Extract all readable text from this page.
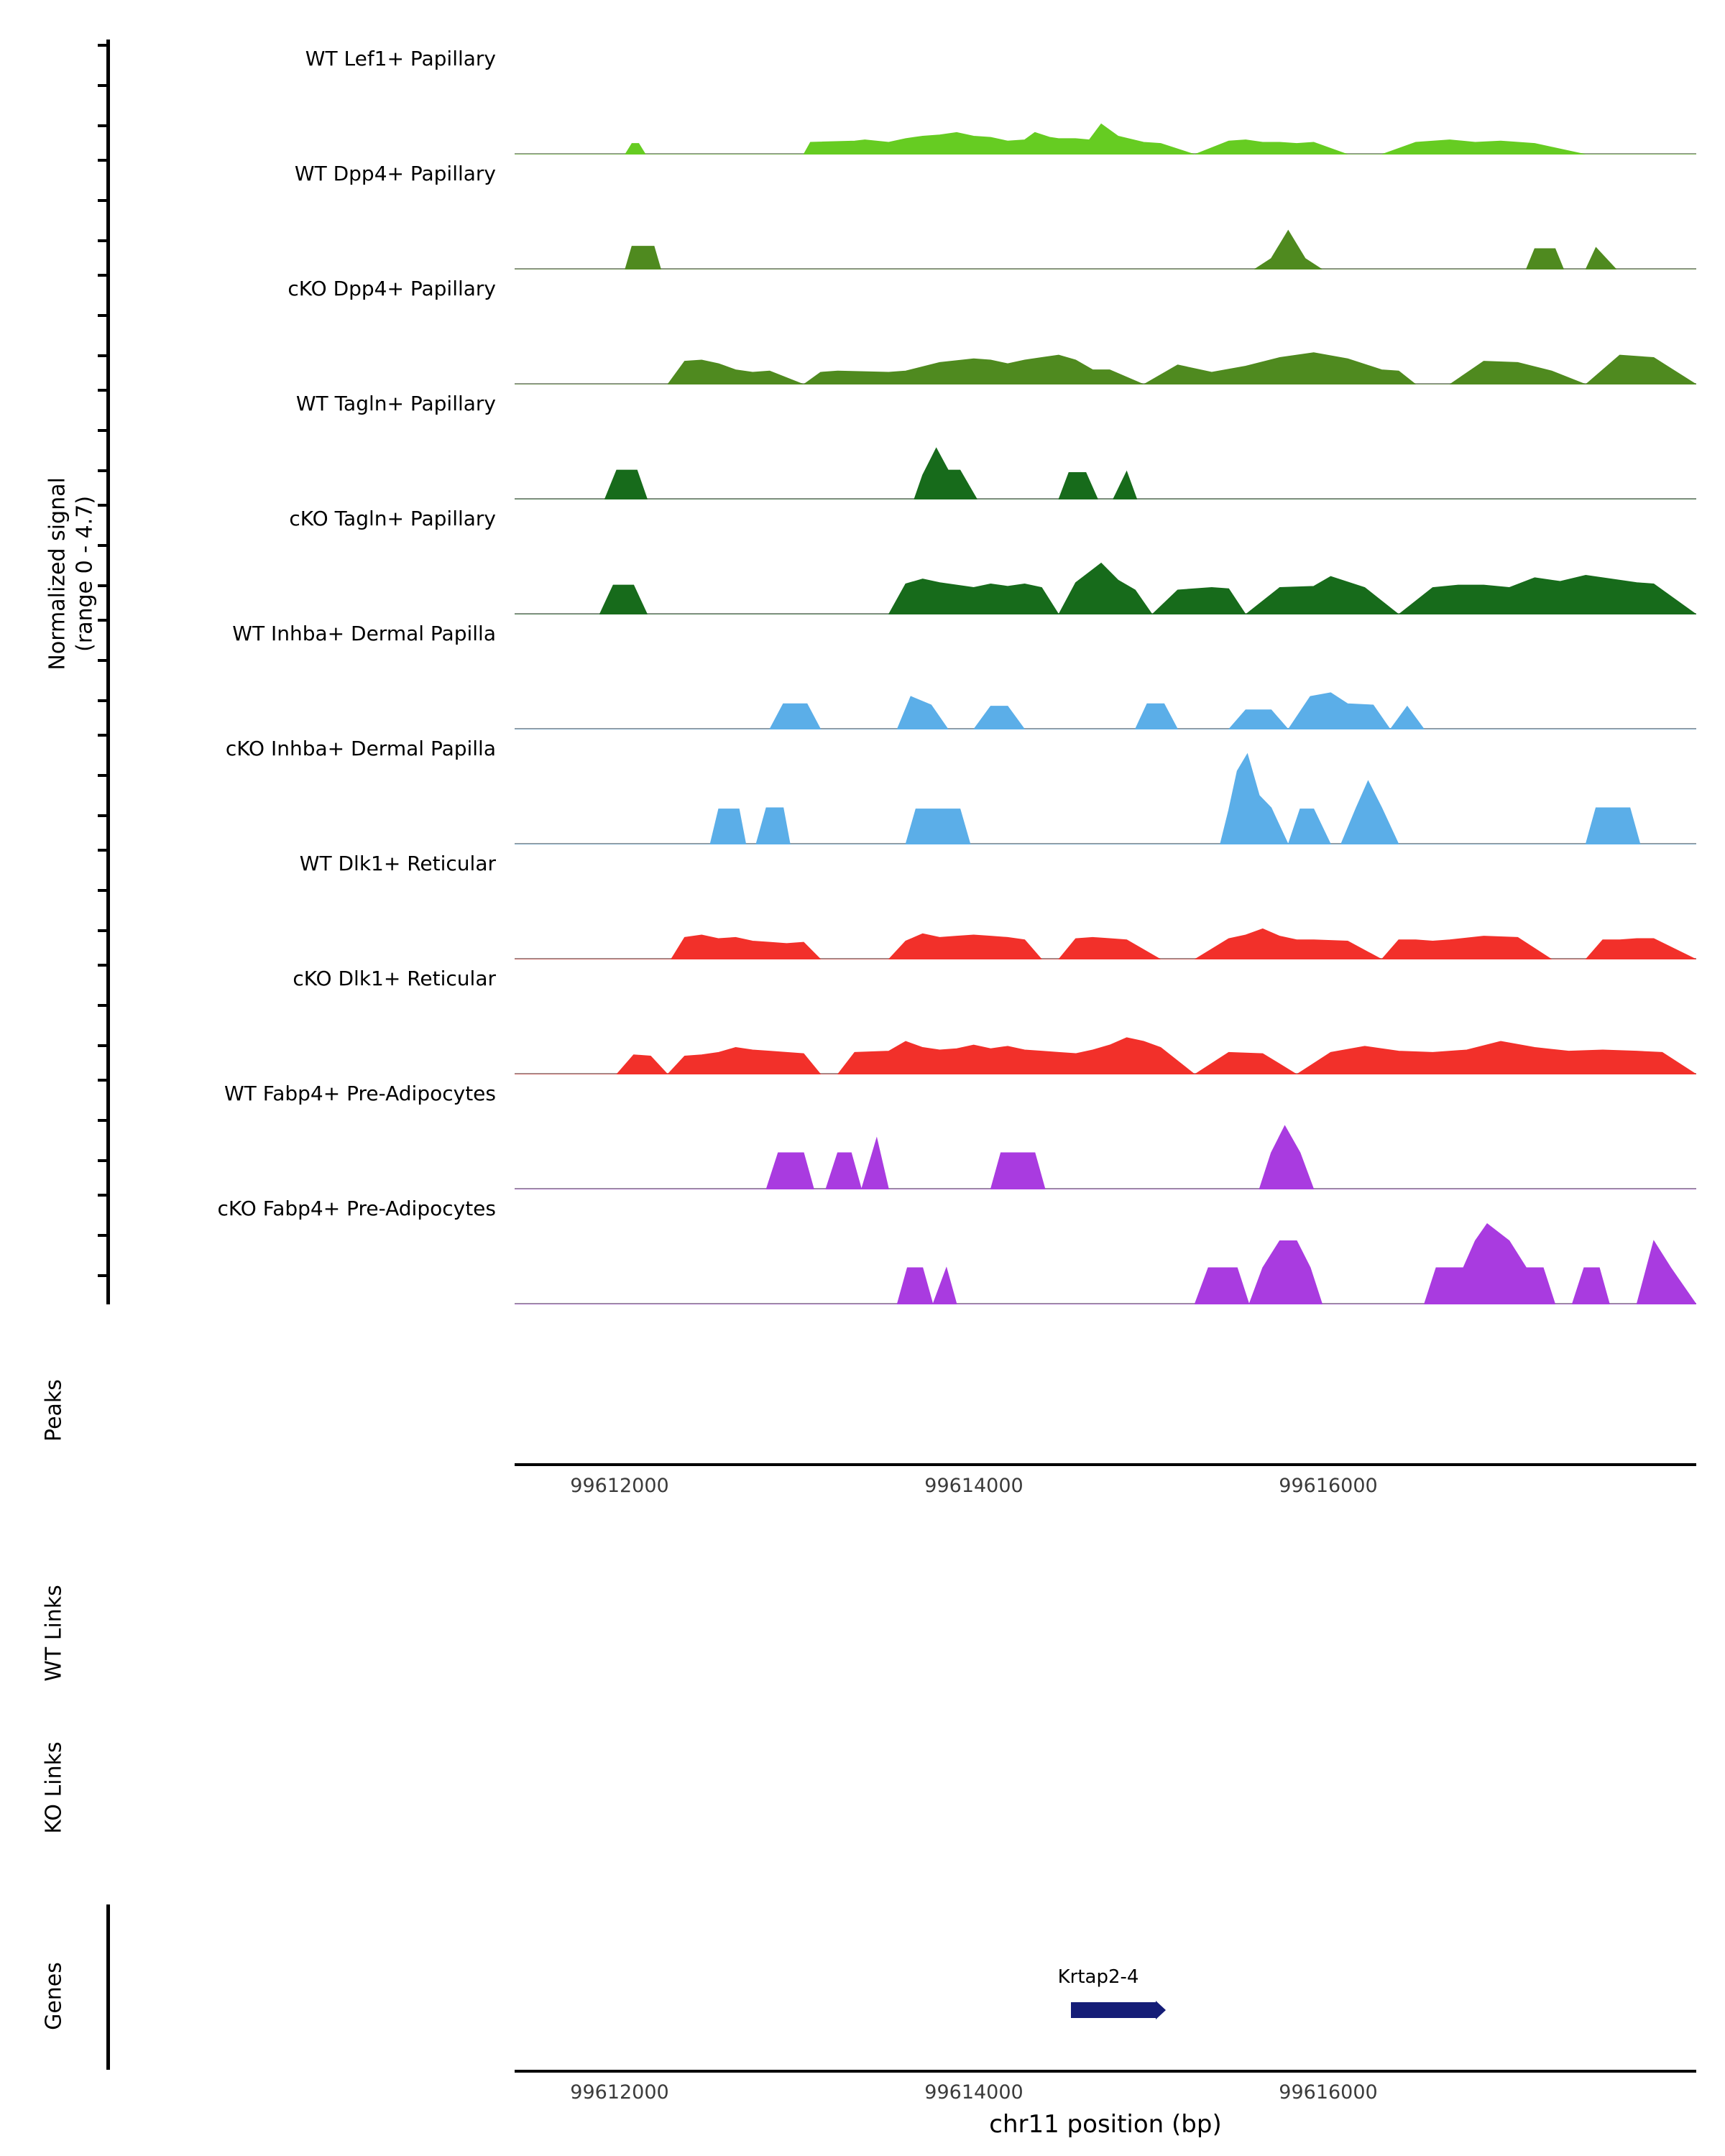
Normalized signal (range 0 - 4.7)
WT Lef1+ Papillary
WT Dpp4+ Papillary
cKO Dpp4+ Papillary
WT Tagln+ Papillary
cKO Tagln+ Papillary
WT Inhba+ Dermal Papilla
cKO Inhba+ Dermal Papilla
WT Dlk1+ Reticular
cKO Dlk1+ Reticular
WT Fabp4+ Pre-Adipocytes
cKO Fabp4+ Pre-Adipocytes
Peaks
99612000	99614000	99616000
WT Links
KO Links
Genes	Krtap2-4
99612000	99614000	99616000
chr11 position (bp)
